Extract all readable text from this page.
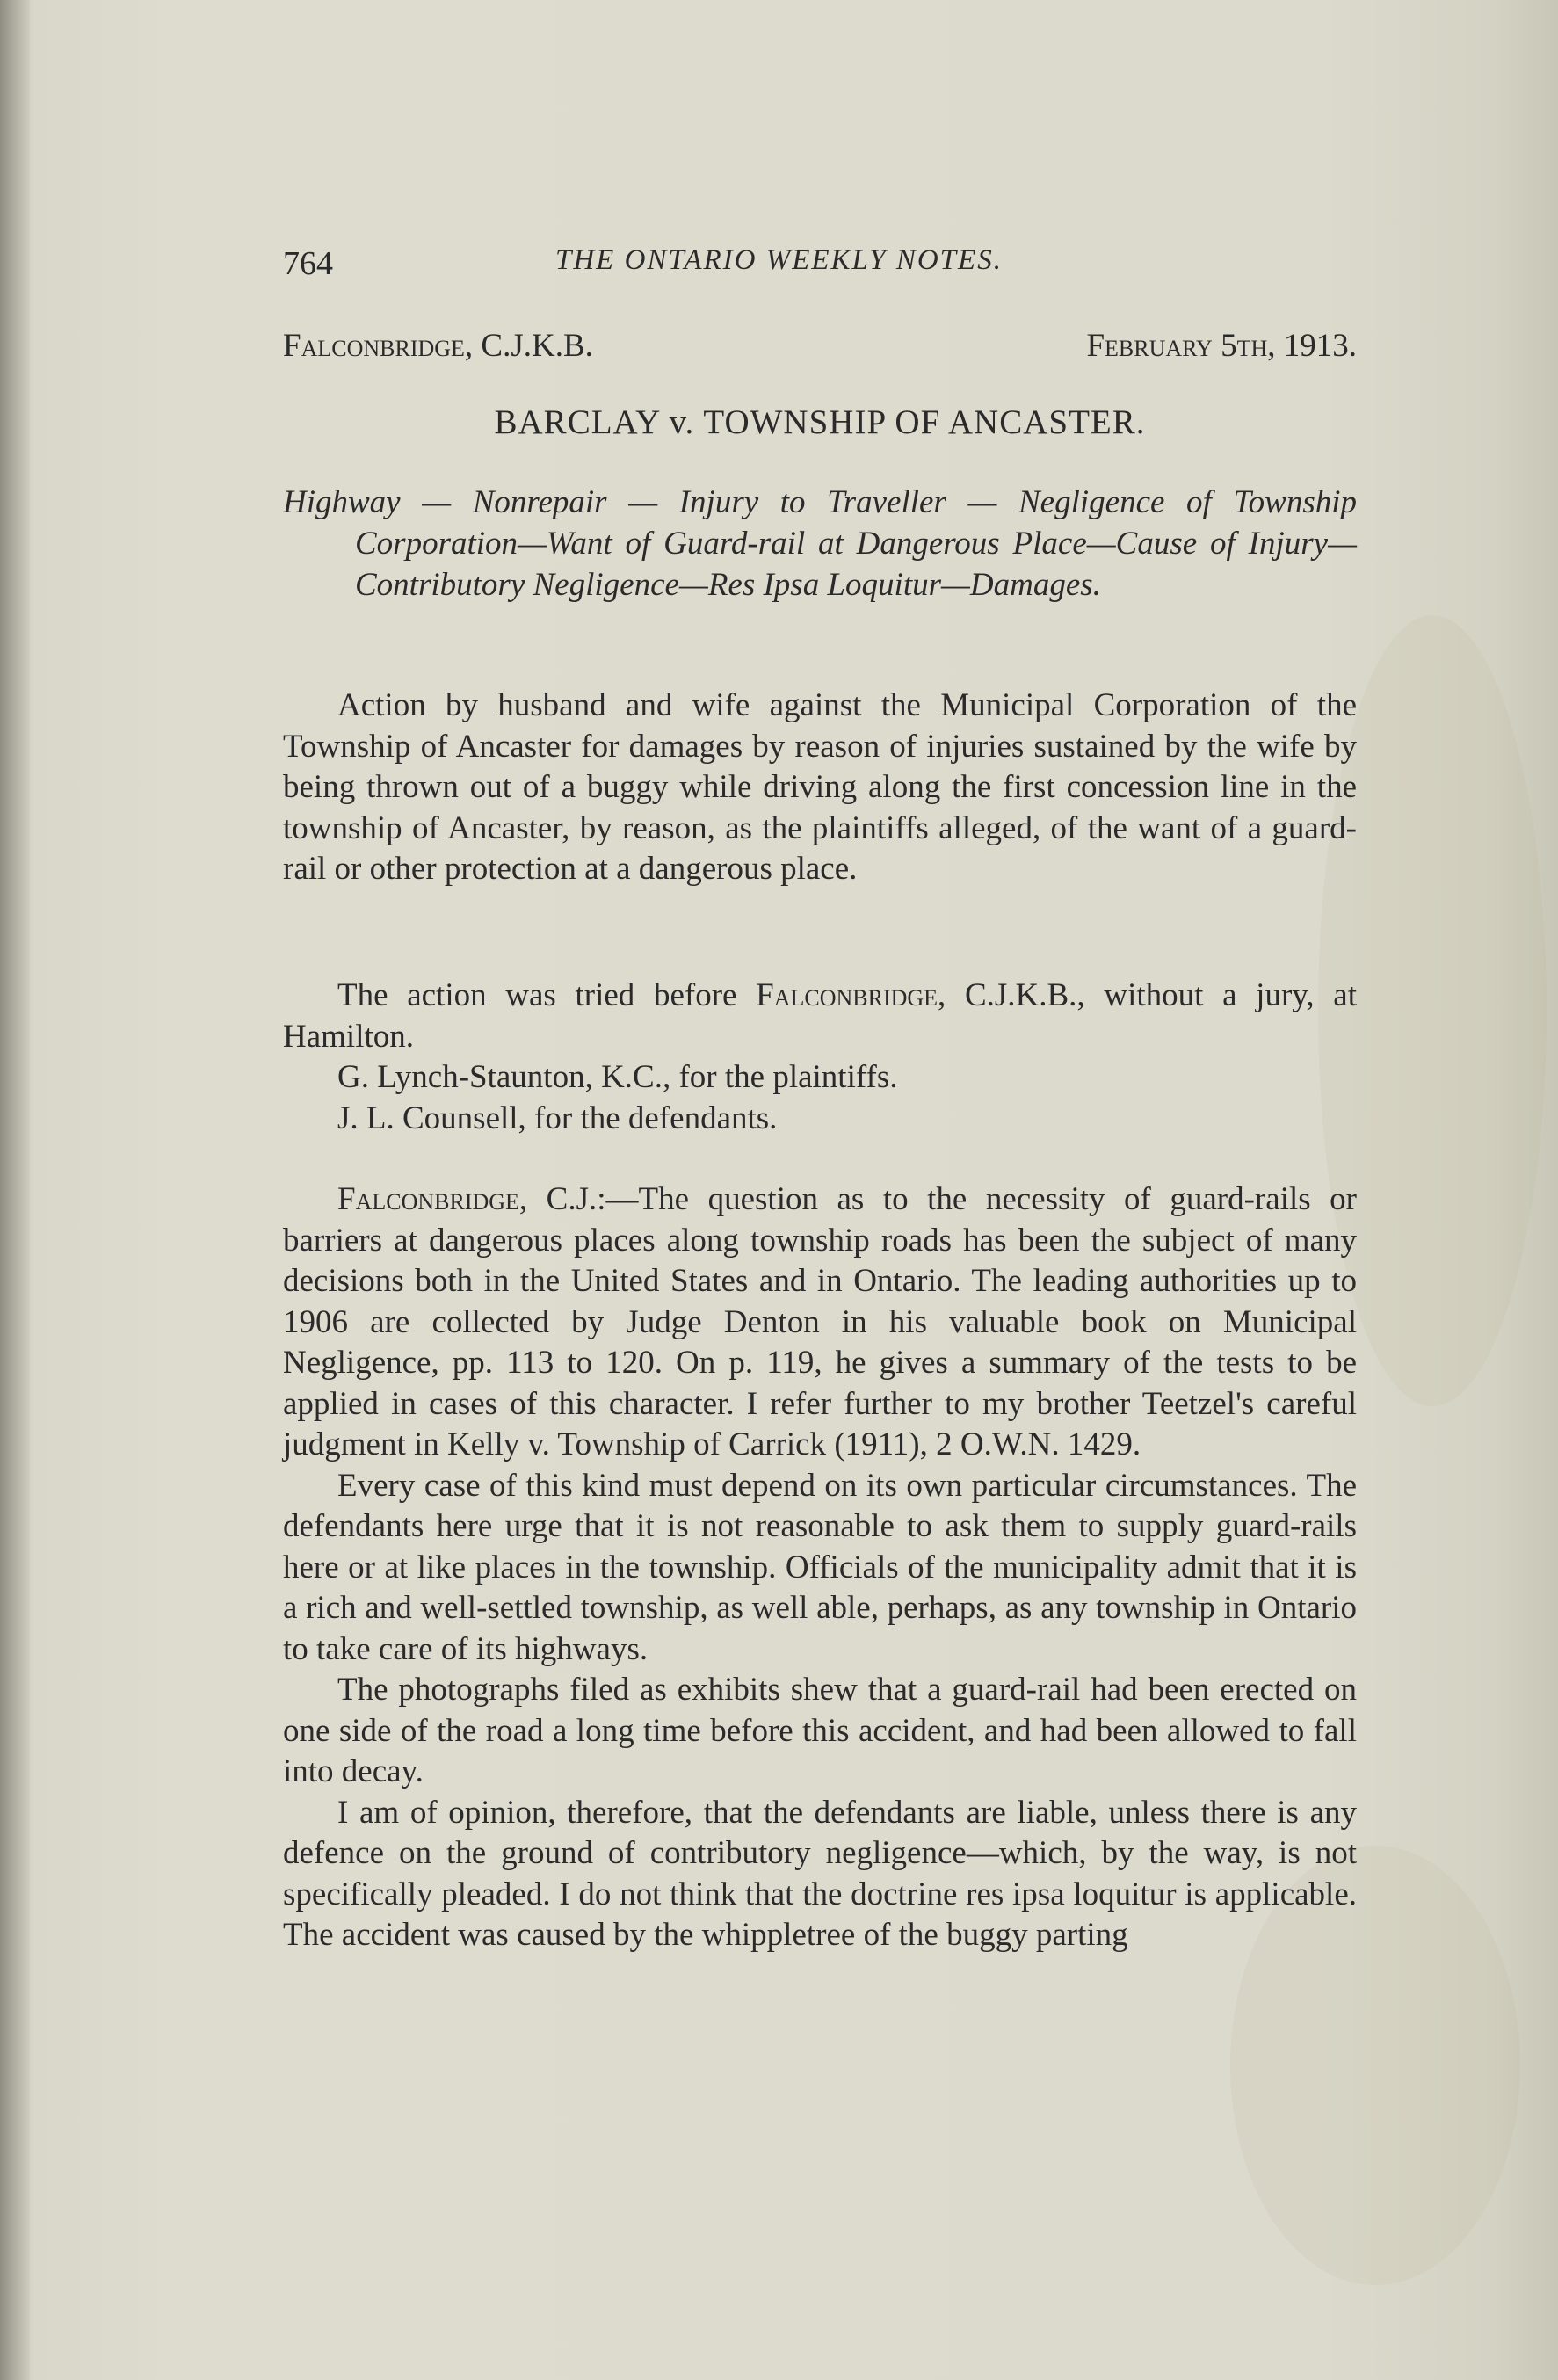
764	THE ONTARIO WEEKLY NOTES.
Falconbridge, C.J.K.B.	February 5th, 1913.
BARCLAY v. TOWNSHIP OF ANCASTER.
Highway — Nonrepair — Injury to Traveller — Negligence of Township Corporation—Want of Guard-rail at Dangerous Place—Cause of Injury—Contributory Negligence—Res Ipsa Loquitur—Damages.

Action by husband and wife against the Municipal Corporation of the Township of Ancaster for damages by reason of injuries sustained by the wife by being thrown out of a buggy while driving along the first concession line in the township of Ancaster, by reason, as the plaintiffs alleged, of the want of a guard-rail or other protection at a dangerous place.

The action was tried before Falconbridge, C.J.K.B., without a jury, at Hamilton.

G. Lynch-Staunton, K.C., for the plaintiffs.

J. L. Counsell, for the defendants.

Falconbridge, C.J.:—The question as to the necessity of guard-rails or barriers at dangerous places along township roads has been the subject of many decisions both in the United States and in Ontario. The leading authorities up to 1906 are collected by Judge Denton in his valuable book on Municipal Negligence, pp. 113 to 120. On p. 119, he gives a summary of the tests to be applied in cases of this character. I refer further to my brother Teetzel's careful judgment in Kelly v. Township of Carrick (1911), 2 O.W.N. 1429.

Every case of this kind must depend on its own particular circumstances. The defendants here urge that it is not reasonable to ask them to supply guard-rails here or at like places in the township. Officials of the municipality admit that it is a rich and well-settled township, as well able, perhaps, as any township in Ontario to take care of its highways.

The photographs filed as exhibits shew that a guard-rail had been erected on one side of the road a long time before this accident, and had been allowed to fall into decay.

I am of opinion, therefore, that the defendants are liable, unless there is any defence on the ground of contributory negligence—which, by the way, is not specifically pleaded. I do not think that the doctrine res ipsa loquitur is applicable. The accident was caused by the whippletree of the buggy parting
